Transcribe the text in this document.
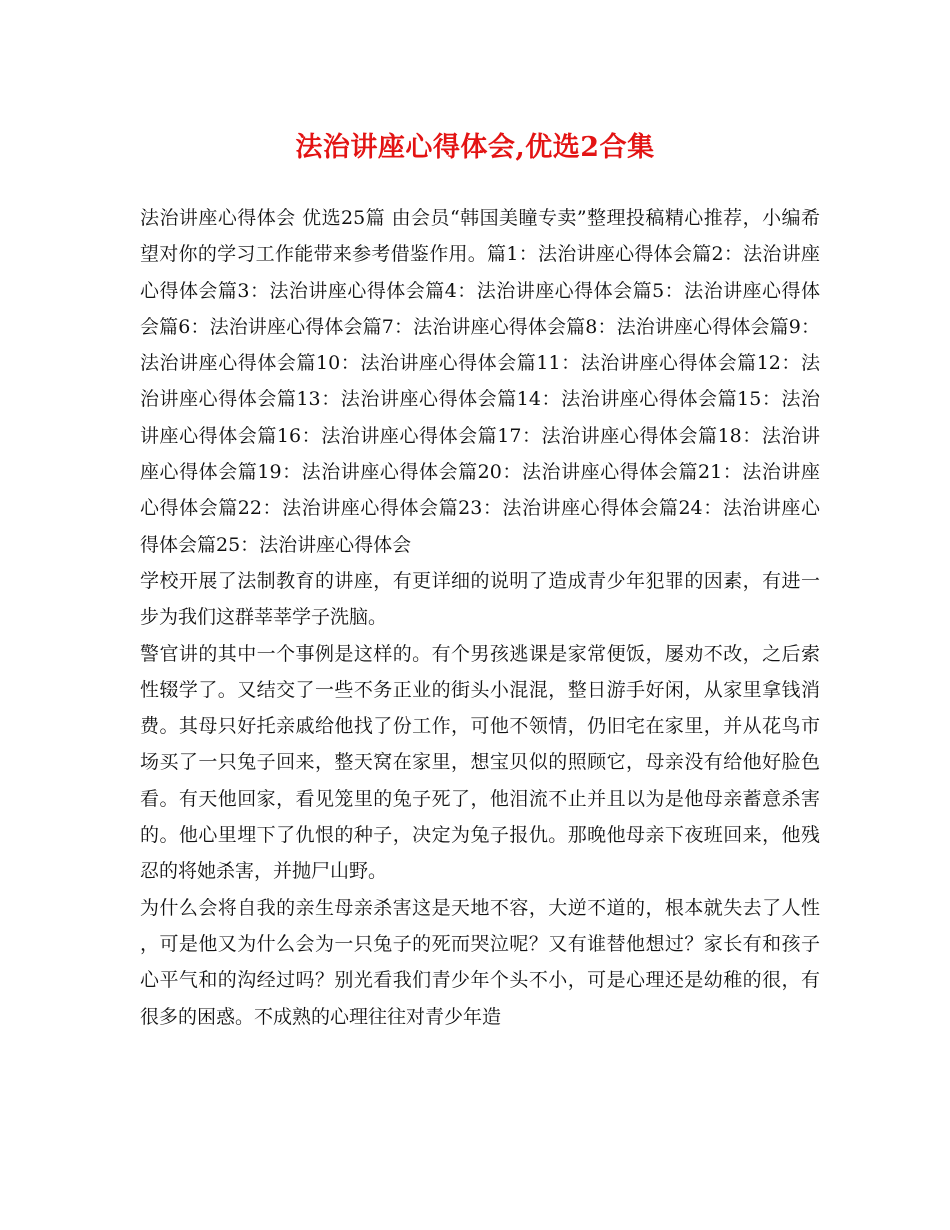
法治讲座心得体会,优选2合集

法治讲座心得体会 优选25篇 由会员“韩国美瞳专卖”整理投稿精心推荐，小编希望对你的学习工作能带来参考借鉴作用。篇1：法治讲座心得体会篇2：法治讲座心得体会篇3：法治讲座心得体会篇4：法治讲座心得体会篇5：法治讲座心得体会篇6：法治讲座心得体会篇7：法治讲座心得体会篇8：法治讲座心得体会篇9：法治讲座心得体会篇10：法治讲座心得体会篇11：法治讲座心得体会篇12：法治讲座心得体会篇13：法治讲座心得体会篇14：法治讲座心得体会篇15：法治讲座心得体会篇16：法治讲座心得体会篇17：法治讲座心得体会篇18：法治讲座心得体会篇19：法治讲座心得体会篇20：法治讲座心得体会篇21：法治讲座心得体会篇22：法治讲座心得体会篇23：法治讲座心得体会篇24：法治讲座心得体会篇25：法治讲座心得体会

学校开展了法制教育的讲座，有更详细的说明了造成青少年犯罪的因素，有进一步为我们这群莘莘学子洗脑。

警官讲的其中一个事例是这样的。有个男孩逃课是家常便饭，屡劝不改，之后索性辍学了。又结交了一些不务正业的街头小混混，整日游手好闲，从家里拿钱消费。其母只好托亲戚给他找了份工作，可他不领情，仍旧宅在家里，并从花鸟市场买了一只兔子回来，整天窝在家里，想宝贝似的照顾它，母亲没有给他好脸色看。有天他回家，看见笼里的兔子死了，他泪流不止并且以为是他母亲蓄意杀害的。他心里埋下了仇恨的种子，决定为兔子报仇。那晚他母亲下夜班回来，他残忍的将她杀害，并抛尸山野。

为什么会将自我的亲生母亲杀害这是天地不容，大逆不道的，根本就失去了人性，可是他又为什么会为一只兔子的死而哭泣呢？又有谁替他想过？家长有和孩子心平气和的沟经过吗？别光看我们青少年个头不小，可是心理还是幼稚的很，有很多的困惑。不成熟的心理往往对青少年造
